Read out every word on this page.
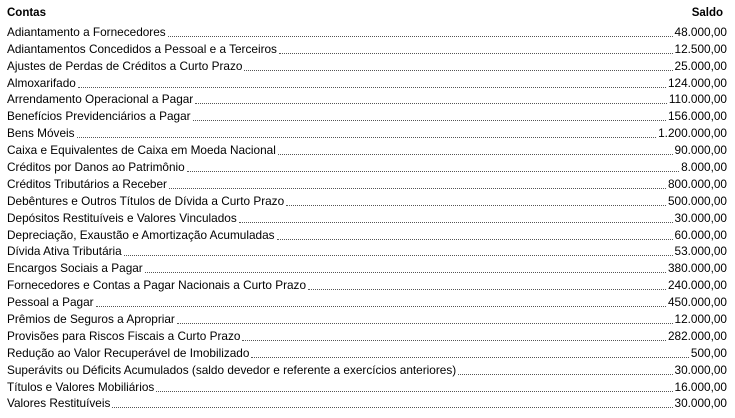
Contas	Saldo
Adiantamento a Fornecedores	48.000,00
Adiantamentos Concedidos a Pessoal e a Terceiros	12.500,00
Ajustes de Perdas de Créditos a Curto Prazo	25.000,00
Almoxarifado	124.000,00
Arrendamento Operacional a Pagar	110.000,00
Benefícios Previdenciários a Pagar	156.000,00
Bens Móveis	1.200.000,00
Caixa e Equivalentes de Caixa em Moeda Nacional	90.000,00
Créditos por Danos ao Patrimônio	8.000,00
Créditos Tributários a Receber	800.000,00
Debêntures e Outros Títulos de Dívida a Curto Prazo	500.000,00
Depósitos Restituíveis e Valores Vinculados	30.000,00
Depreciação, Exaustão e Amortização Acumuladas	60.000,00
Dívida Ativa Tributária	53.000,00
Encargos Sociais a Pagar	380.000,00
Fornecedores e Contas a Pagar Nacionais a Curto Prazo	240.000,00
Pessoal a Pagar	450.000,00
Prêmios de Seguros a Apropriar	12.000,00
Provisões para Riscos Fiscais a Curto Prazo	282.000,00
Redução ao Valor Recuperável de Imobilizado	500,00
Superávits ou Déficits Acumulados (saldo devedor e referente a exercícios anteriores)	30.000,00
Títulos e Valores Mobiliários	16.000,00
Valores Restituíveis	30.000,00
